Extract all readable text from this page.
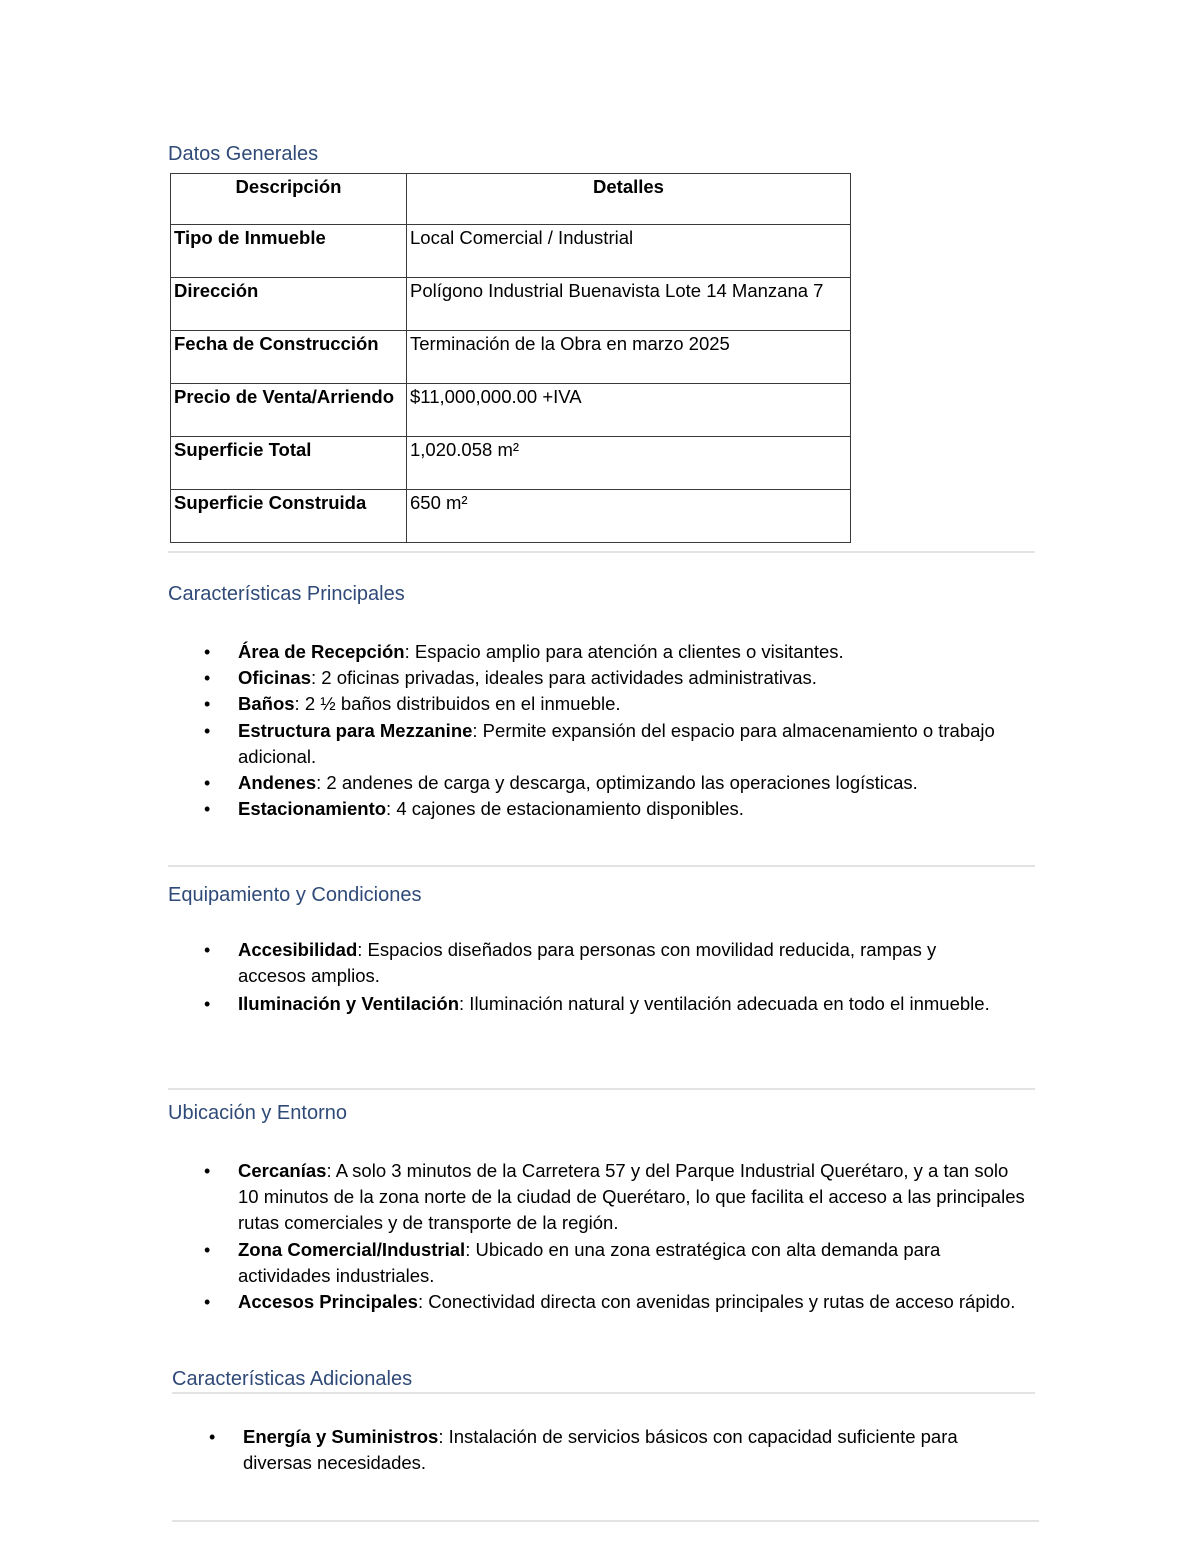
Datos Generales
Descripción	Detalles
Tipo de Inmueble	Local Comercial / Industrial
Dirección	Polígono Industrial Buenavista Lote 14 Manzana 7
Fecha de Construcción	Terminación de la Obra en marzo 2025
Precio de Venta/Arriendo	$11,000,000.00 +IVA
Superficie Total	1,020.058 m²
Superficie Construida	650 m²
Características Principales
• Área de Recepción: Espacio amplio para atención a clientes o visitantes.
• Oficinas: 2 oficinas privadas, ideales para actividades administrativas.
• Baños: 2 ½ baños distribuidos en el inmueble.
• Estructura para Mezzanine: Permite expansión del espacio para almacenamiento o trabajo adicional.
• Andenes: 2 andenes de carga y descarga, optimizando las operaciones logísticas.
• Estacionamiento: 4 cajones de estacionamiento disponibles.
Equipamiento y Condiciones
• Accesibilidad: Espacios diseñados para personas con movilidad reducida, rampas y accesos amplios.
• Iluminación y Ventilación: Iluminación natural y ventilación adecuada en todo el inmueble.
Ubicación y Entorno
• Cercanías: A solo 3 minutos de la Carretera 57 y del Parque Industrial Querétaro, y a tan solo 10 minutos de la zona norte de la ciudad de Querétaro, lo que facilita el acceso a las principales rutas comerciales y de transporte de la región.
• Zona Comercial/Industrial: Ubicado en una zona estratégica con alta demanda para actividades industriales.
• Accesos Principales: Conectividad directa con avenidas principales y rutas de acceso rápido.
Características Adicionales
• Energía y Suministros: Instalación de servicios básicos con capacidad suficiente para diversas necesidades.
